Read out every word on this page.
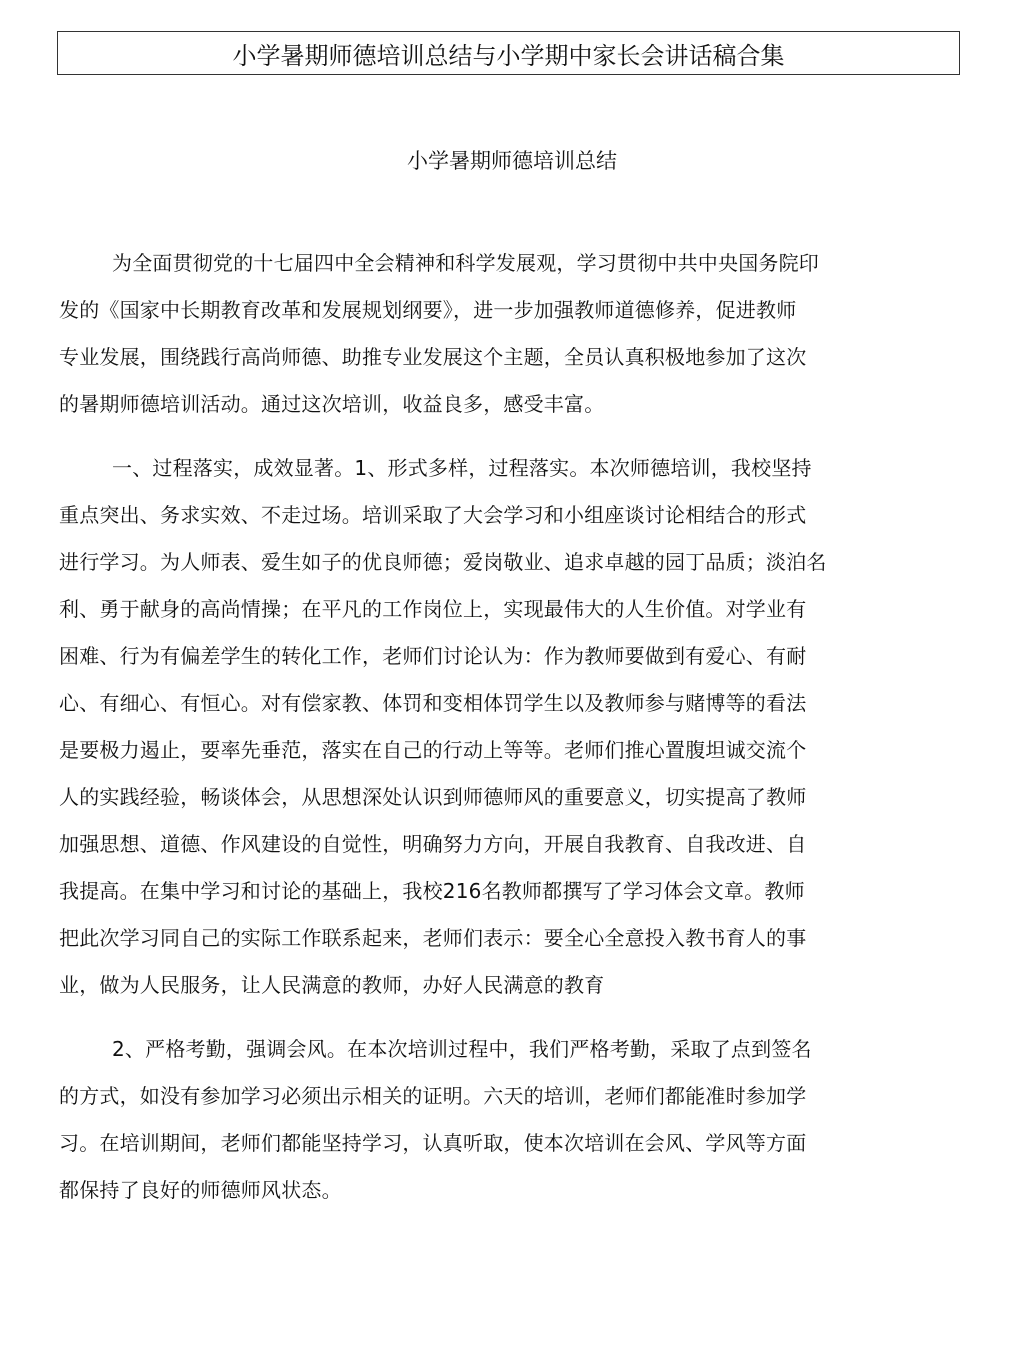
小学暑期师德培训总结与小学期中家长会讲话稿合集
小学暑期师德培训总结
为全面贯彻党的十七届四中全会精神和科学发展观，学习贯彻中共中央国务院印
发的《国家中长期教育改革和发展规划纲要》，进一步加强教师道德修养，促进教师
专业发展，围绕践行高尚师德、助推专业发展这个主题，全员认真积极地参加了这次
的暑期师德培训活动。通过这次培训，收益良多，感受丰富。
一、过程落实，成效显著。1、形式多样，过程落实。本次师德培训，我校坚持
重点突出、务求实效、不走过场。培训采取了大会学习和小组座谈讨论相结合的形式
进行学习。为人师表、爱生如子的优良师德；爱岗敬业、追求卓越的园丁品质；淡泊名
利、勇于献身的高尚情操；在平凡的工作岗位上，实现最伟大的人生价值。对学业有
困难、行为有偏差学生的转化工作，老师们讨论认为：作为教师要做到有爱心、有耐
心、有细心、有恒心。对有偿家教、体罚和变相体罚学生以及教师参与赌博等的看法
是要极力遏止，要率先垂范，落实在自己的行动上等等。老师们推心置腹坦诚交流个
人的实践经验，畅谈体会，从思想深处认识到师德师风的重要意义，切实提高了教师
加强思想、道德、作风建设的自觉性，明确努力方向，开展自我教育、自我改进、自
我提高。在集中学习和讨论的基础上，我校216名教师都撰写了学习体会文章。教师
把此次学习同自己的实际工作联系起来，老师们表示：要全心全意投入教书育人的事
业，做为人民服务，让人民满意的教师，办好人民满意的教育
2、严格考勤，强调会风。在本次培训过程中，我们严格考勤，采取了点到签名
的方式，如没有参加学习必须出示相关的证明。六天的培训，老师们都能准时参加学
习。在培训期间，老师们都能坚持学习，认真听取，使本次培训在会风、学风等方面
都保持了良好的师德师风状态。
